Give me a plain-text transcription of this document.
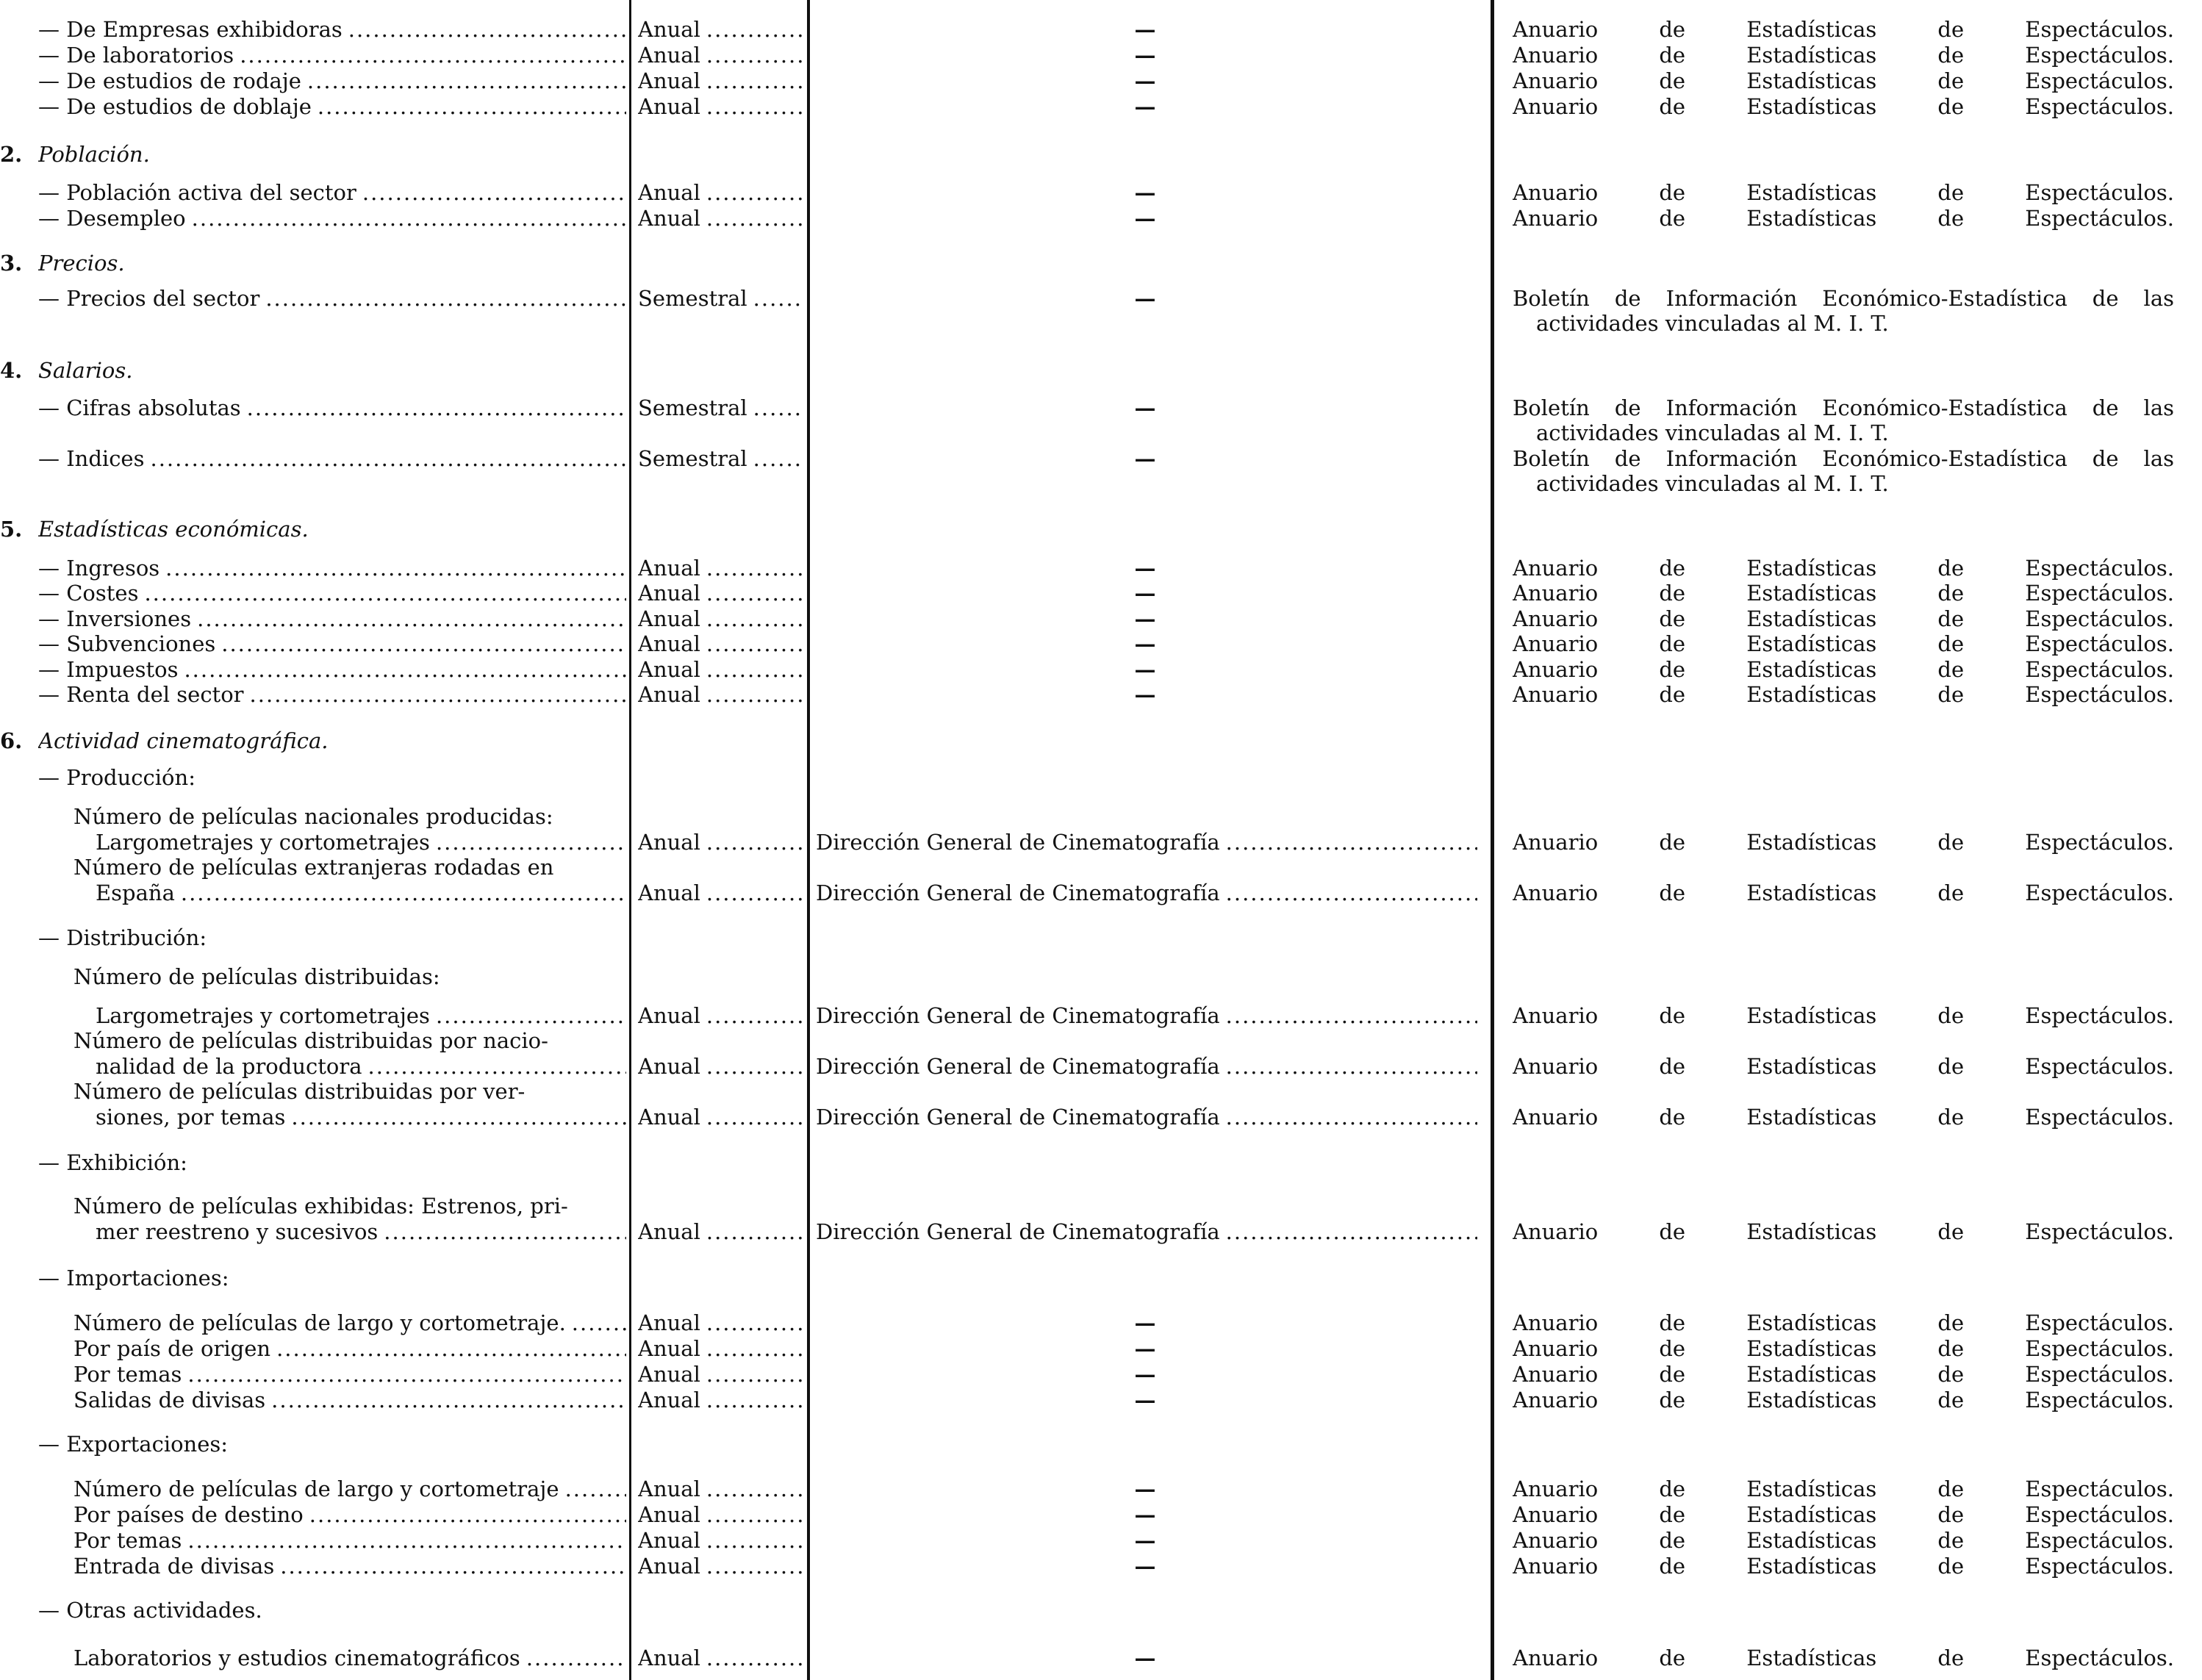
— De Empresas exhibidoras .....	Anual .....	—	Anuario de Estadísticas de Espectáculos.
— De laboratorios .....	Anual .....	—	Anuario de Estadísticas de Espectáculos.
— De estudios de rodaje .....	Anual .....	—	Anuario de Estadísticas de Espectáculos.
— De estudios de doblaje .....	Anual .....	—	Anuario de Estadísticas de Espectáculos.
2. Población.
— Población activa del sector .....	Anual .....	—	Anuario de Estadísticas de Espectáculos.
— Desempleo .....	Anual .....	—	Anuario de Estadísticas de Espectáculos.
3. Precios.
— Precios del sector .....	Semestral .....	—	Boletín de Información Económico-Estadística de las
actividades vinculadas al M. I. T.
4. Salarios.
— Cifras absolutas .....	Semestral .....	—	Boletín de Información Económico-Estadística de las
actividades vinculadas al M. I. T.
— Indices .....	Semestral .....	—	Boletín de Información Económico-Estadística de las
actividades vinculadas al M. I. T.
5. Estadísticas económicas.
— Ingresos .....	Anual .....	—	Anuario de Estadísticas de Espectáculos.
— Costes .....	Anual .....	—	Anuario de Estadísticas de Espectáculos.
— Inversiones .....	Anual .....	—	Anuario de Estadísticas de Espectáculos.
— Subvenciones .....	Anual .....	—	Anuario de Estadísticas de Espectáculos.
— Impuestos .....	Anual .....	—	Anuario de Estadísticas de Espectáculos.
— Renta del sector .....	Anual .....	—	Anuario de Estadísticas de Espectáculos.
6. Actividad cinematográfica.
— Producción:
Número de películas nacionales producidas:
Largometrajes y cortometrajes .....	Anual .....	Dirección General de Cinematografía .....	Anuario de Estadísticas de Espectáculos.
Número de películas extranjeras rodadas en
España .....	Anual .....	Dirección General de Cinematografía .....	Anuario de Estadísticas de Espectáculos.
— Distribución:
Número de películas distribuidas:
Largometrajes y cortometrajes .....	Anual .....	Dirección General de Cinematografía .....	Anuario de Estadísticas de Espectáculos.
Número de películas distribuidas por nacio-
nalidad de la productora .....	Anual .....	Dirección General de Cinematografía .....	Anuario de Estadísticas de Espectáculos.
Número de películas distribuidas por ver-
siones, por temas .....	Anual .....	Dirección General de Cinematografía .....	Anuario de Estadísticas de Espectáculos.
— Exhibición:
Número de películas exhibidas: Estrenos, pri-
mer reestreno y sucesivos .....	Anual .....	Dirección General de Cinematografía .....	Anuario de Estadísticas de Espectáculos.
— Importaciones:
Número de películas de largo y cortometraje. .....	Anual .....	—	Anuario de Estadísticas de Espectáculos.
Por país de origen .....	Anual .....	—	Anuario de Estadísticas de Espectáculos.
Por temas .....	Anual .....	—	Anuario de Estadísticas de Espectáculos.
Salidas de divisas .....	Anual .....	—	Anuario de Estadísticas de Espectáculos.
— Exportaciones:
Número de películas de largo y cortometraje .....	Anual .....	—	Anuario de Estadísticas de Espectáculos.
Por países de destino .....	Anual .....	—	Anuario de Estadísticas de Espectáculos.
Por temas .....	Anual .....	—	Anuario de Estadísticas de Espectáculos.
Entrada de divisas .....	Anual .....	—	Anuario de Estadísticas de Espectáculos.
— Otras actividades.
Laboratorios y estudios cinematográficos .....	Anual .....	—	Anuario de Estadísticas de Espectáculos.
